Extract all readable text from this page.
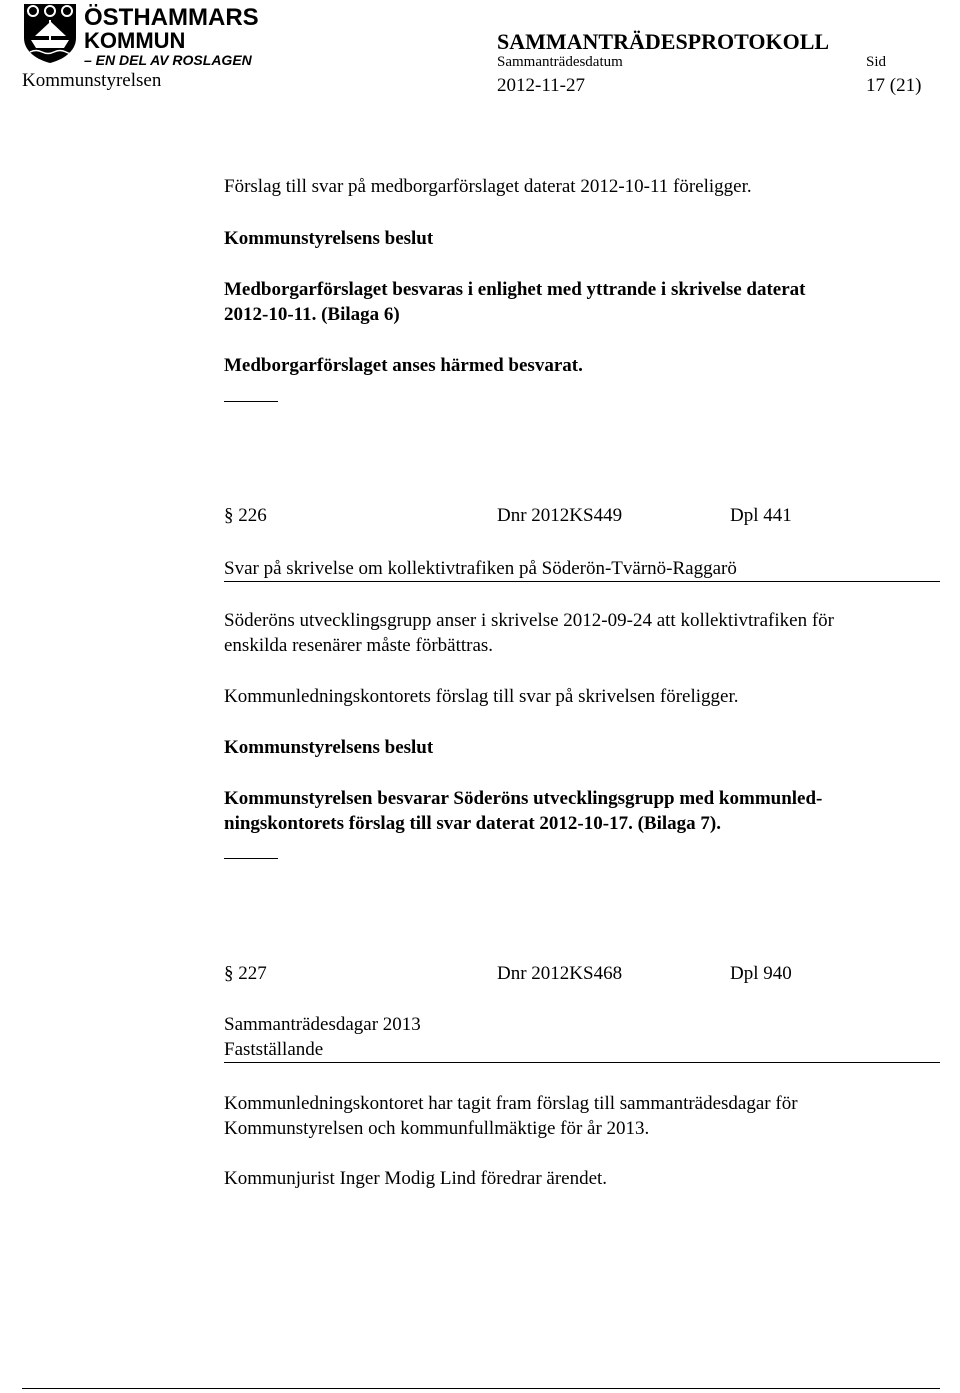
ÖSTHAMMARS
KOMMUN
– EN DEL AV ROSLAGEN
Kommunstyrelsen
SAMMANTRÄDESPROTOKOLL
Sammanträdesdatum	Sid
2012-11-27	17 (21)
Förslag till svar på medborgarförslaget daterat 2012-10-11 föreligger.
Kommunstyrelsens beslut
Medborgarförslaget besvaras i enlighet med yttrande i skrivelse daterat
2012-10-11. (Bilaga 6)
Medborgarförslaget anses härmed besvarat.
§ 226	Dnr 2012KS449	Dpl 441
Svar på skrivelse om kollektivtrafiken på Söderön-Tvärnö-Raggarö
Söderöns utvecklingsgrupp anser i skrivelse 2012-09-24 att kollektivtrafiken för
enskilda resenärer måste förbättras.
Kommunledningskontorets förslag till svar på skrivelsen föreligger.
Kommunstyrelsens beslut
Kommunstyrelsen besvarar Söderöns utvecklingsgrupp med kommunled-
ningskontorets förslag till svar daterat 2012-10-17. (Bilaga 7).
§ 227	Dnr 2012KS468	Dpl 940
Sammanträdesdagar 2013
Fastställande
Kommunledningskontoret har tagit fram förslag till sammanträdesdagar för
Kommunstyrelsen och kommunfullmäktige för år 2013.
Kommunjurist Inger Modig Lind föredrar ärendet.
